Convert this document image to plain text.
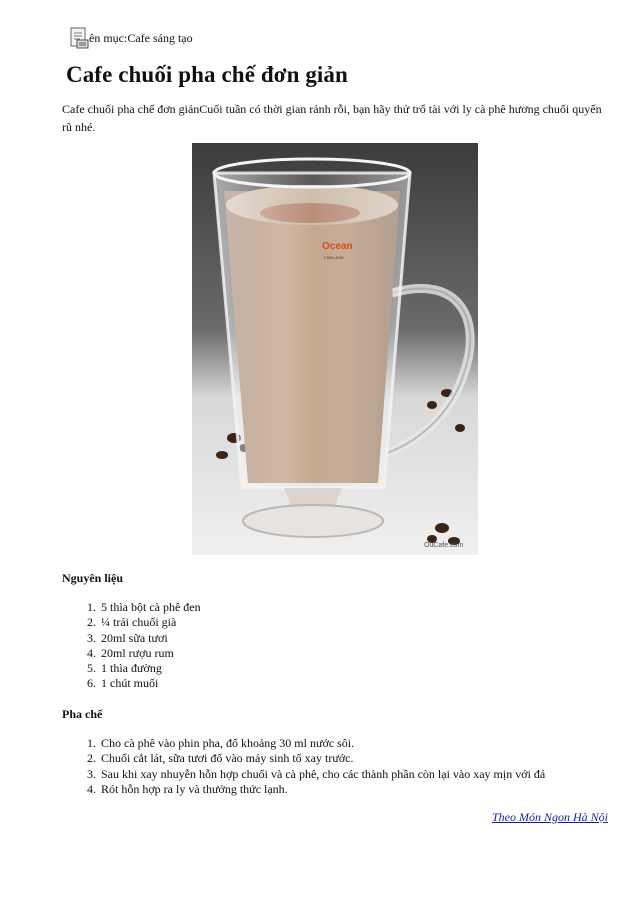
ên mục:Cafe sáng tạo
Cafe chuối pha chế đơn giản

Cafe chuối pha chế đơn giảnCuối tuần có thời gian rảnh rỗi, bạn hãy thử trổ tài với ly cà phê hương chuối quyến rũ nhé.

Ocean
FINELAND
OuCafe.com
Nguyên liệu
1. 5 thìa bột cà phê đen
2. ¼ trái chuối già
3. 20ml sữa tươi
4. 20ml rượu rum
5. 1 thìa đường
6. 1 chút muối
Pha chế
1. Cho cà phê vào phin pha, đổ khoảng 30 ml nước sôi.
2. Chuối cắt lát, sữa tươi đổ vào máy sinh tố xay trước.
3. Sau khi xay nhuyễn hỗn hợp chuối và cà phê, cho các thành phần còn lại vào xay mịn với đá
4. Rót hỗn hợp ra ly và thưởng thức lạnh.
Theo Món Ngon Hà Nội
